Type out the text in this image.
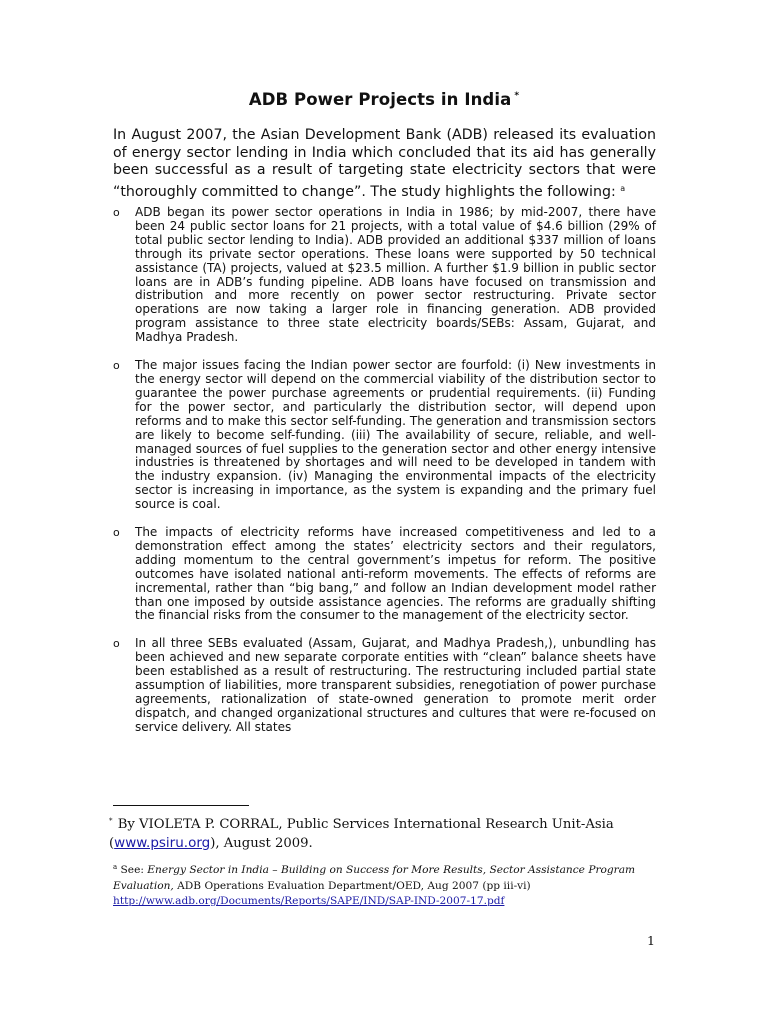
ADB Power Projects in India *

In August 2007, the Asian Development Bank (ADB) released its evaluation of energy sector lending in India which concluded that its aid has generally been successful as a result of targeting state electricity sectors that were “thoroughly committed to change”. The study highlights the following: $^a$

o ADB began its power sector operations in India in 1986; by mid-2007, there have been 24 public sector loans for 21 projects, with a total value of $4.6 billion (29% of total public sector lending to India). ADB provided an additional $337 million of loans through its private sector operations. These loans were supported by 50 technical assistance (TA) projects, valued at $23.5 million. A further $1.9 billion in public sector loans are in ADB’s funding pipeline. ADB loans have focused on transmission and distribution and more recently on power sector restructuring. Private sector operations are now taking a larger role in financing generation. ADB provided program assistance to three state electricity boards/SEBs: Assam, Gujarat, and Madhya Pradesh.

o The major issues facing the Indian power sector are fourfold: (i) New investments in the energy sector will depend on the commercial viability of the distribution sector to guarantee the power purchase agreements or prudential requirements. (ii) Funding for the power sector, and particularly the distribution sector, will depend upon reforms and to make this sector self-funding. The generation and transmission sectors are likely to become self-funding. (iii) The availability of secure, reliable, and well-managed sources of fuel supplies to the generation sector and other energy intensive industries is threatened by shortages and will need to be developed in tandem with the industry expansion. (iv) Managing the environmental impacts of the electricity sector is increasing in importance, as the system is expanding and the primary fuel source is coal.

o The impacts of electricity reforms have increased competitiveness and led to a demonstration effect among the states’ electricity sectors and their regulators, adding momentum to the central government’s impetus for reform. The positive outcomes have isolated national anti-reform movements. The effects of reforms are incremental, rather than “big bang,” and follow an Indian development model rather than one imposed by outside assistance agencies. The reforms are gradually shifting the financial risks from the consumer to the management of the electricity sector.

o In all three SEBs evaluated (Assam, Gujarat, and Madhya Pradesh,), unbundling has been achieved and new separate corporate entities with “clean” balance sheets have been established as a result of restructuring. The restructuring included partial state assumption of liabilities, more transparent subsidies, renegotiation of power purchase agreements, rationalization of state-owned generation to promote merit order dispatch, and changed organizational structures and cultures that were re-focused on service delivery. All states

* By VIOLETA P. CORRAL, Public Services International Research Unit-Asia (www.psiru.org), August 2009.

$^a$ See: Energy Sector in India – Building on Success for More Results, Sector Assistance Program Evaluation, ADB Operations Evaluation Department/OED, Aug 2007 (pp iii-vi)
http://www.adb.org/Documents/Reports/SAPE/IND/SAP-IND-2007-17.pdf

1
